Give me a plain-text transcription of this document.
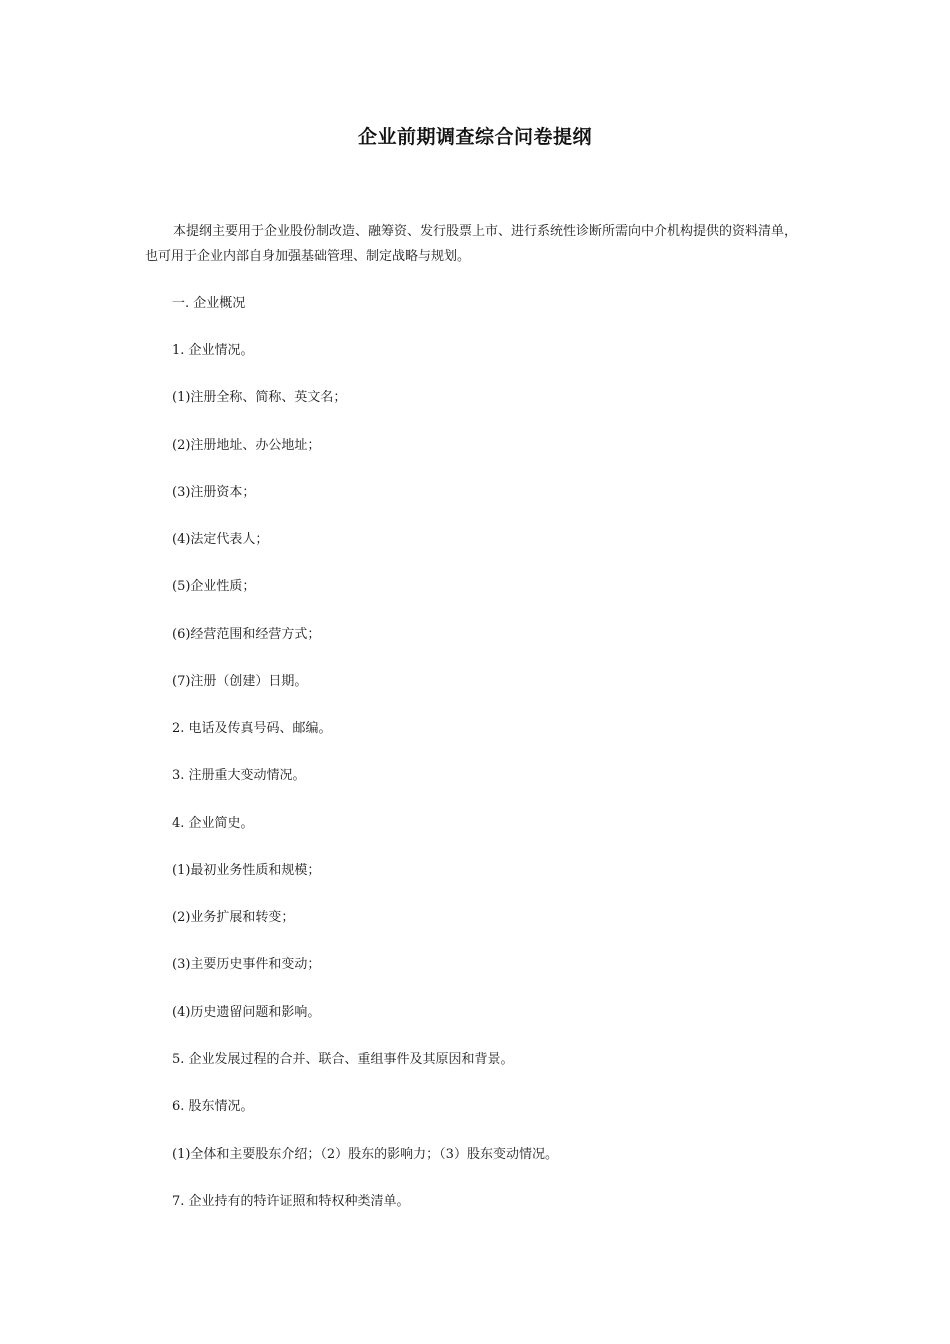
企业前期调查综合问卷提纲

本提纲主要用于企业股份制改造、融筹资、发行股票上市、进行系统性诊断所需向中介机构提供的资料清单，也可用于企业内部自身加强基础管理、制定战略与规划。

一. 企业概况

1. 企业情况。

(1)注册全称、简称、英文名；

(2)注册地址、办公地址；

(3)注册资本；

(4)法定代表人；

(5)企业性质；

(6)经营范围和经营方式；

(7)注册（创建）日期。

2. 电话及传真号码、邮编。

3. 注册重大变动情况。

4. 企业简史。

(1)最初业务性质和规模；

(2)业务扩展和转变；

(3)主要历史事件和变动；

(4)历史遗留问题和影响。

5. 企业发展过程的合并、联合、重组事件及其原因和背景。

6. 股东情况。

(1)全体和主要股东介绍；（2）股东的影响力；（3）股东变动情况。

7. 企业持有的特许证照和特权种类清单。
